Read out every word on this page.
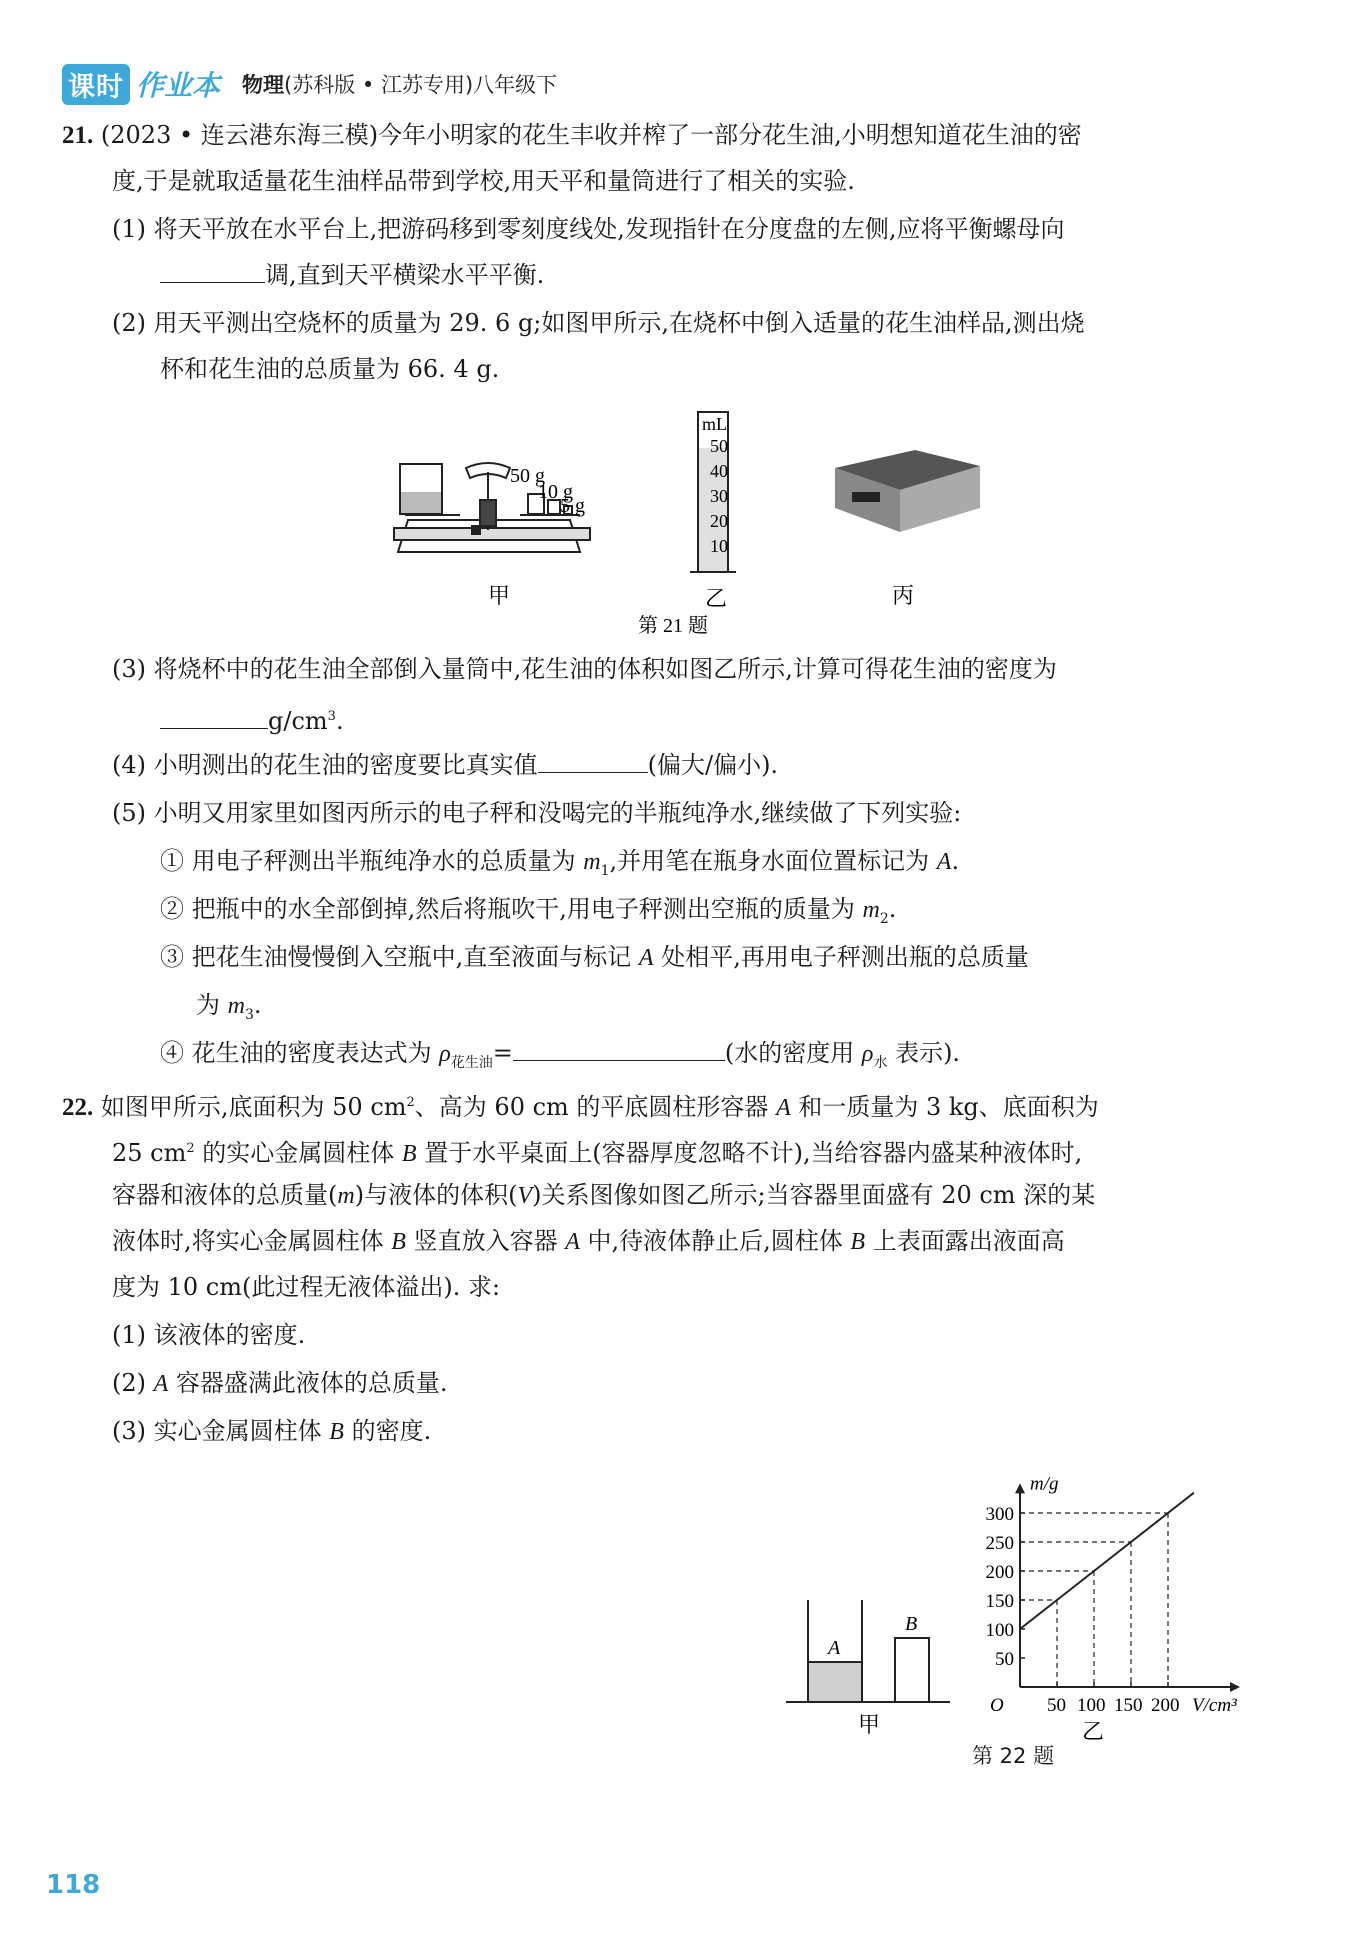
课时 作业本 物理(苏科版 • 江苏专用)八年级下
21. (2023 • 连云港东海三模)今年小明家的花生丰收并榨了一部分花生油,小明想知道花生油的密
度,于是就取适量花生油样品带到学校,用天平和量筒进行了相关的实验.
(1) 将天平放在水平台上,把游码移到零刻度线处,发现指针在分度盘的左侧,应将平衡螺母向
调,直到天平横梁水平平衡.
(2) 用天平测出空烧杯的质量为 29. 6 g;如图甲所示,在烧杯中倒入适量的花生油样品,测出烧
杯和花生油的总质量为 66. 4 g.
50 g
10 g
5 g
mL
50
40
30
20
10
甲	乙	丙
第 21 题
(3) 将烧杯中的花生油全部倒入量筒中,花生油的体积如图乙所示,计算可得花生油的密度为
$g/cm^3$.
(4) 小明测出的花生油的密度要比真实值	(偏大/偏小).
(5) 小明又用家里如图丙所示的电子秤和没喝完的半瓶纯净水,继续做了下列实验:
① 用电子秤测出半瓶纯净水的总质量为 $m_1$,并用笔在瓶身水面位置标记为 A.
② 把瓶中的水全部倒掉,然后将瓶吹干,用电子秤测出空瓶的质量为 $m_2$.
③ 把花生油慢慢倒入空瓶中,直至液面与标记 A 处相平,再用电子秤测出瓶的总质量
为 $m_3$.
④ 花生油的密度表达式为 $\rho_{花生油}=$	(水的密度用 $\rho_水$ 表示).
22. 如图甲所示,底面积为 50 $cm^2$、高为 60 cm 的平底圆柱形容器 A 和一质量为 3 kg、底面积为
25 $cm^2$ 的实心金属圆柱体 B 置于水平桌面上(容器厚度忽略不计),当给容器内盛某种液体时,
容器和液体的总质量(m)与液体的体积(V)关系图像如图乙所示;当容器里面盛有 20 cm 深的某
液体时,将实心金属圆柱体 B 竖直放入容器 A 中,待液体静止后,圆柱体 B 上表面露出液面高
度为 10 cm(此过程无液体溢出). 求:
(1) 该液体的密度.
(2) A 容器盛满此液体的总质量.
(3) 实心金属圆柱体 B 的密度.
A
B
甲
300
250
200
150
100
50
50 100 150 200
O
m/g
V/cm³
乙
第 22 题
118
